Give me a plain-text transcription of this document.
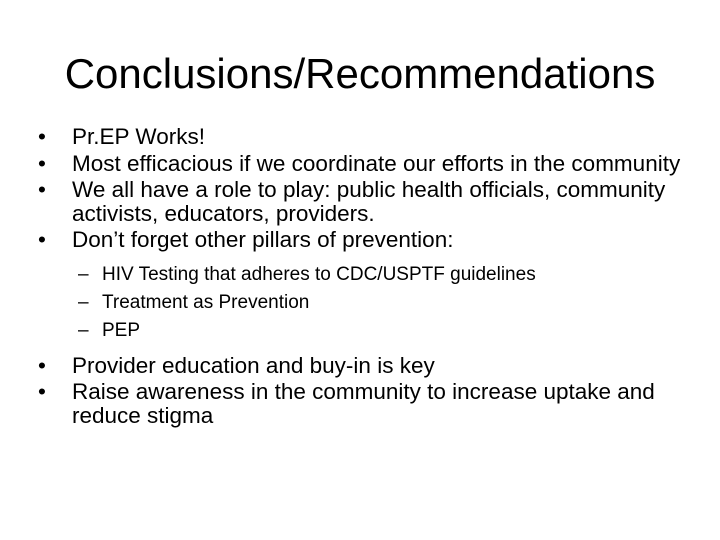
Conclusions/Recommendations
• Pr.EP Works!
• Most efficacious if we coordinate our efforts in the community
• We all have a role to play: public health officials, community activists, educators, providers.
• Don’t forget other pillars of prevention:
– HIV Testing that adheres to CDC/USPTF guidelines
– Treatment as Prevention
– PEP
• Provider education and buy-in is key
• Raise awareness in the community to increase uptake and reduce stigma
